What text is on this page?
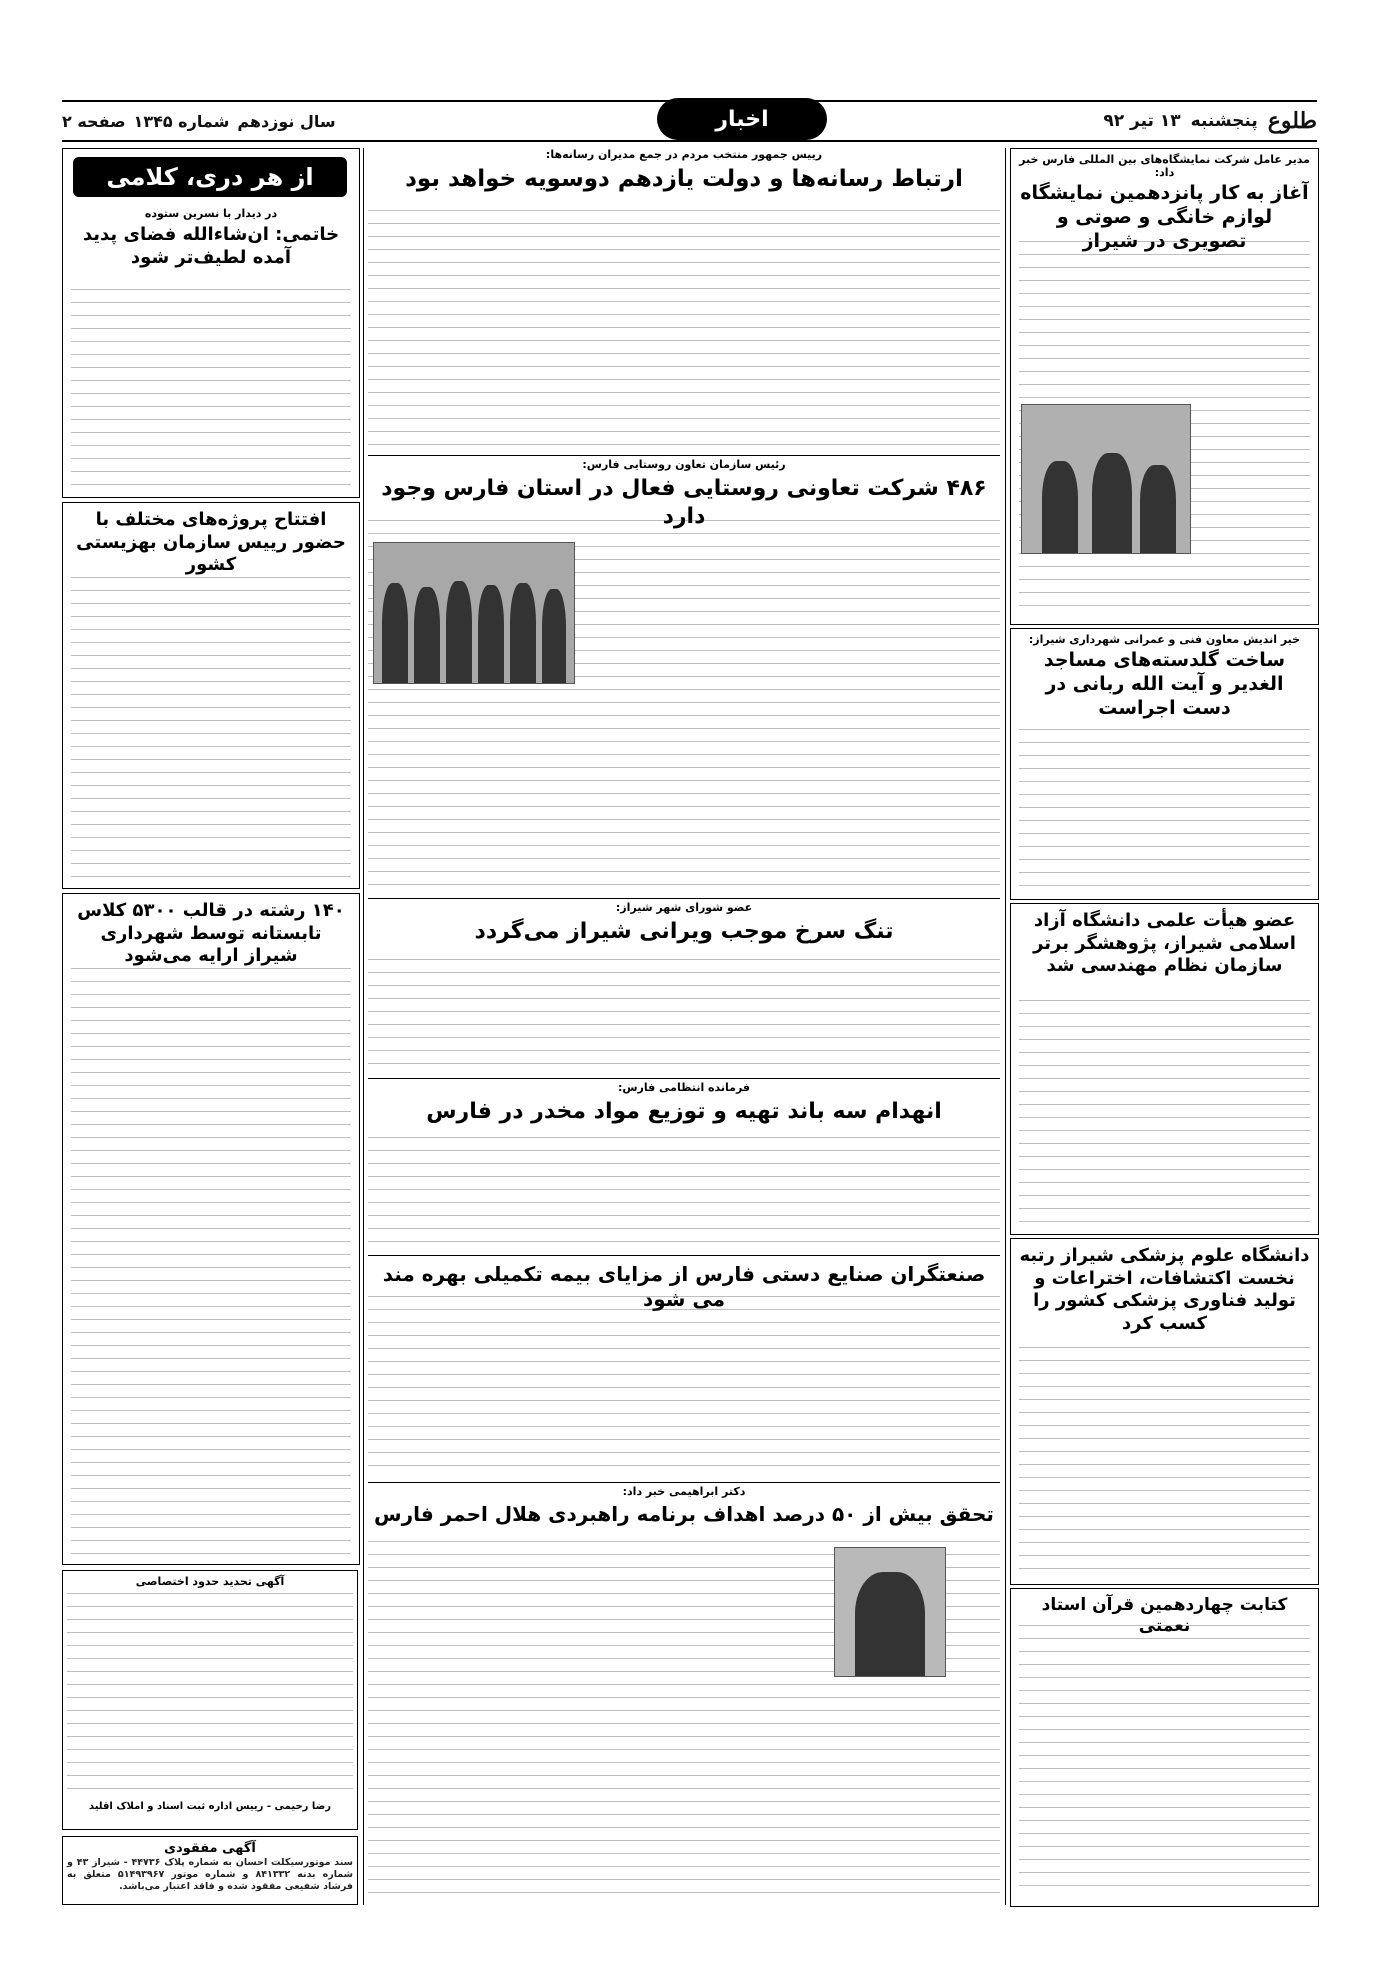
طلوع
پنجشنبه
۱۳ تیر ۹۲
اخبار
سال نوزدهم
شماره ۱۳۴۵
صفحه ۲
مدیر عامل شرکت نمایشگاه‌های بین المللی فارس خبر داد:
آغاز به کار پانزدهمین نمایشگاه لوازم خانگی و صوتی و تصویری در شیراز
خیر اندیش معاون فنی و عمرانی شهرداری شیراز:
ساخت گلدسته‌های مساجد الغدیر و آیت الله ربانی در دست اجراست
عضو هیأت علمی دانشگاه آزاد اسلامی شیراز، پژوهشگر برتر سازمان نظام مهندسی شد
دانشگاه علوم پزشکی شیراز رتبه نخست اکتشافات، اختراعات و تولید فناوری پزشکی کشور را کسب کرد
کتابت چهاردهمین قرآن استاد نعمتی
رییس جمهور منتخب مردم در جمع مدیران رسانه‌ها:
ارتباط رسانه‌ها و دولت یازدهم دوسویه خواهد بود
رئیس سازمان تعاون روستایی فارس:
۴۸۶ شرکت تعاونی روستایی فعال در استان فارس وجود دارد
عضو شورای شهر شیراز:
تنگ سرخ موجب ویرانی شیراز می‌گردد
فرمانده انتظامی فارس:
انهدام سه باند تهیه و توزیع مواد مخدر در فارس
صنعتگران صنایع دستی فارس از مزایای بیمه تکمیلی بهره مند می شود
دکتر ابراهیمی خبر داد:
تحقق بیش از ۵۰ درصد اهداف برنامه راهبردی هلال احمر فارس
از هر دری، کلامی
در دیدار با نسرین ستوده
خاتمی: ان‌شاءالله فضای پدید آمده لطیف‌تر شود
افتتاح پروژه‌های مختلف با حضور رییس سازمان بهزیستی کشور
۱۴۰ رشته در قالب ۵۳۰۰ کلاس تابستانه توسط شهرداری شیراز ارایه می‌شود
آگهی تحدید حدود اختصاصی
رضا رحیمی - رییس اداره ثبت اسناد و املاک اقلید
آگهی مفقودی
سند موتورسیکلت احسان به شماره پلاک ۴۴۷۳۶ - شیراز ۴۳ و شماره بدنه ۸۴۱۳۳۲ و شماره موتور ۵۱۴۹۳۹۶۷ متعلق به فرشاد شفیعی مفقود شده و فاقد اعتبار می‌باشد.
